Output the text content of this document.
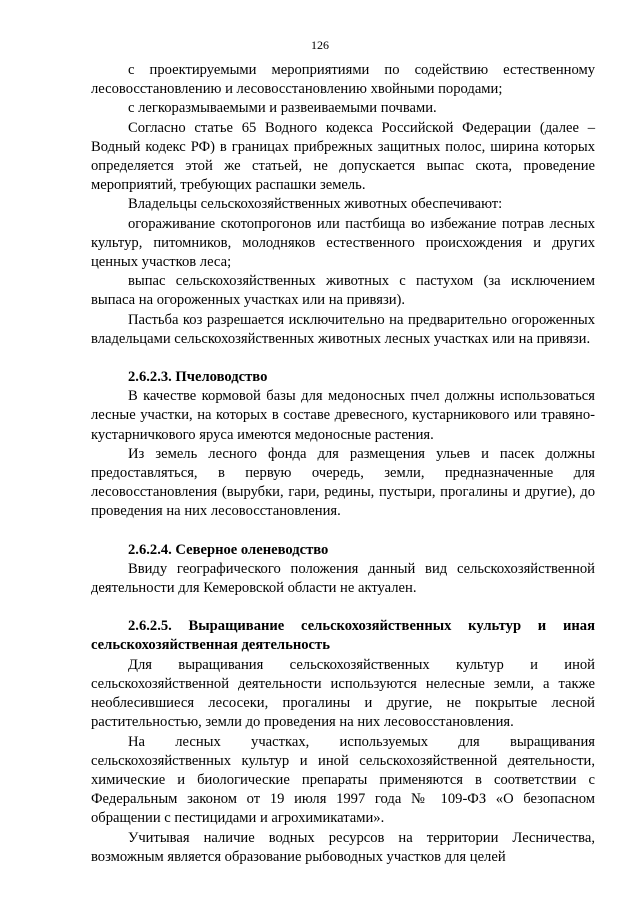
126

с проектируемыми мероприятиями по содействию естественному лесовосстановлению и лесовосстановлению хвойными породами;

с легкоразмываемыми и развеиваемыми почвами.

Согласно статье 65 Водного кодекса Российской Федерации (далее – Водный кодекс РФ) в границах прибрежных защитных полос, ширина которых определяется этой же статьей, не допускается выпас скота, проведение мероприятий, требующих распашки земель.

Владельцы сельскохозяйственных животных обеспечивают:

огораживание скотопрогонов или пастбища во избежание потрав лесных культур, питомников, молодняков естественного происхождения и других ценных участков леса;

выпас сельскохозяйственных животных с пастухом (за исключением выпаса на огороженных участках или на привязи).

Пастьба коз разрешается исключительно на предварительно огороженных владельцами сельскохозяйственных животных лесных участках или на привязи.

2.6.2.3. Пчеловодство

В качестве кормовой базы для медоносных пчел должны использоваться лесные участки, на которых в составе древесного, кустарникового или травяно-кустарничкового яруса имеются медоносные растения.

Из земель лесного фонда для размещения ульев и пасек должны предоставляться, в первую очередь, земли, предназначенные для лесовосстановления (вырубки, гари, редины, пустыри, прогалины и другие), до проведения на них лесовосстановления.

2.6.2.4. Северное оленеводство

Ввиду географического положения данный вид сельскохозяйственной деятельности для Кемеровской области не актуален.

2.6.2.5. Выращивание сельскохозяйственных культур и иная сельскохозяйственная деятельность

Для выращивания сельскохозяйственных культур и иной сельскохозяйственной деятельности используются нелесные земли, а также необлесившиеся лесосеки, прогалины и другие, не покрытые лесной растительностью, земли до проведения на них лесовосстановления.

На лесных участках, используемых для выращивания сельскохозяйственных культур и иной сельскохозяйственной деятельности, химические и биологические препараты применяются в соответствии с Федеральным законом от 19 июля 1997 года № 109-ФЗ «О безопасном обращении с пестицидами и агрохимикатами».

Учитывая наличие водных ресурсов на территории Лесничества, возможным является образование рыбоводных участков для целей
